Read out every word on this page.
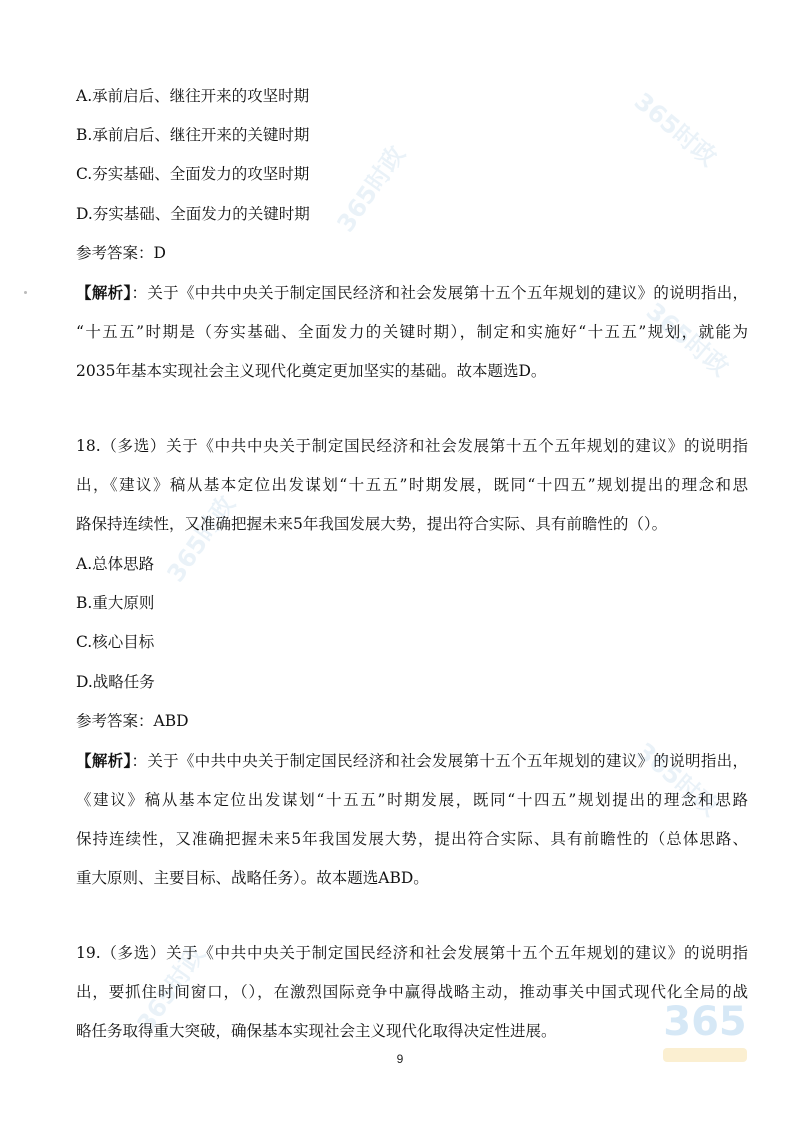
365时政
365时政
365时政
365时政
365时政
365时政	365
A.承前启后、继往开来的攻坚时期
B.承前启后、继往开来的关键时期
C.夯实基础、全面发力的攻坚时期
D.夯实基础、全面发力的关键时期
参考答案：D
【解析】：关于《中共中央关于制定国民经济和社会发展第十五个五年规划的建议》的说明指出，
“十五五”时期是（夯实基础、全面发力的关键时期），制定和实施好“十五五”规划，就能为
2035年基本实现社会主义现代化奠定更加坚实的基础。故本题选D。
18.（多选）关于《中共中央关于制定国民经济和社会发展第十五个五年规划的建议》的说明指
出，《建议》稿从基本定位出发谋划“十五五”时期发展，既同“十四五”规划提出的理念和思
路保持连续性，又准确把握未来5年我国发展大势，提出符合实际、具有前瞻性的（）。
A.总体思路
B.重大原则
C.核心目标
D.战略任务
参考答案：ABD
【解析】：关于《中共中央关于制定国民经济和社会发展第十五个五年规划的建议》的说明指出，
《建议》稿从基本定位出发谋划“十五五”时期发展，既同“十四五”规划提出的理念和思路
保持连续性，又准确把握未来5年我国发展大势，提出符合实际、具有前瞻性的（总体思路、
重大原则、主要目标、战略任务）。故本题选ABD。
19.（多选）关于《中共中央关于制定国民经济和社会发展第十五个五年规划的建议》的说明指
出，要抓住时间窗口，（），在激烈国际竞争中赢得战略主动，推动事关中国式现代化全局的战
略任务取得重大突破，确保基本实现社会主义现代化取得决定性进展。
9
